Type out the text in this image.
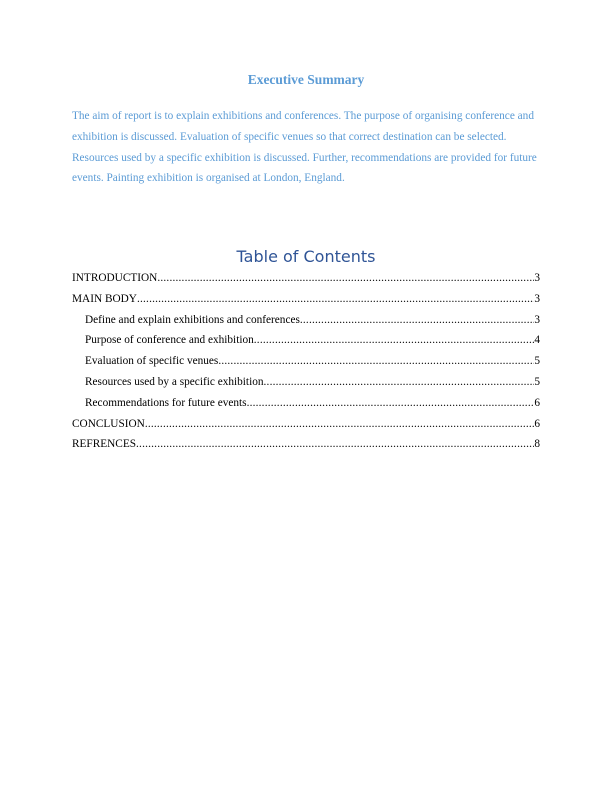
Executive Summary
The aim of report is to explain exhibitions and conferences. The purpose of organising conference and exhibition is discussed. Evaluation of specific venues so that correct destination can be selected. Resources used by a specific exhibition is discussed. Further, recommendations are provided for future events. Painting exhibition is organised at London, England.
Table of Contents
INTRODUCTION .....	3
MAIN BODY .....	3
Define and explain exhibitions and conferences .....	3
Purpose of conference and exhibition .....	4
Evaluation of specific venues .....	5
Resources used by a specific exhibition .....	5
Recommendations for future events .....	6
CONCLUSION .....	6
REFRENCES .....	8
